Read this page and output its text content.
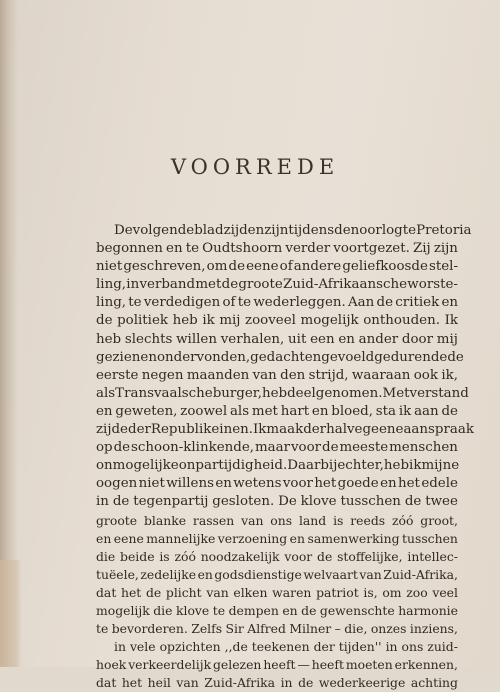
VOORREDE
De volgende bladzijden zijn tijdens den oorlog te Pretoria
begonnen en te Oudtshoorn verder voortgezet. Zij zijn
niet geschreven, om de eene of andere geliefkoosde stel-
ling, in verband met de groote Zuid-Afrikaansche worste-
ling, te verdedigen of te wederleggen. Aan de critiek en
de politiek heb ik mij zooveel mogelijk onthouden. Ik
heb slechts willen verhalen, uit een en ander door mij
gezien en ondervonden, gedacht en gevoeld gedurende de
eerste negen maanden van den strijd, waaraan ook ik,
als Transvaalsche burger, heb deelgenomen. Met verstand
en geweten, zoowel als met hart en bloed, sta ik aan de
zijde der Republikeinen. Ik maak derhalve geene aanspraak
op de schoon-klinkende, maar voor de meeste menschen
onmogelijke onpartijdigheid. Daarbij echter, heb ik mijne
oogen niet willens en wetens voor het goede en het edele
in de tegenpartij gesloten. De klove tusschen de twee
groote blanke rassen van ons land is reeds zóó groot,
en eene mannelijke verzoening en samenwerking tusschen
die beide is zóó noodzakelijk voor de stoffelijke, intellec-
tuëele, zedelijke en godsdienstige welvaart van Zuid-Afrika,
dat het de plicht van elken waren patriot is, om zoo veel
mogelijk die klove te dempen en de gewenschte harmonie
te bevorderen. Zelfs Sir Alfred Milner – die, onzes inziens,
in vele opzichten ,,de teekenen der tijden'' in ons zuid-
hoek verkeerdelijk gelezen heeft — heeft moeten erkennen,
dat het heil van Zuid-Afrika in de wederkeerige achting
